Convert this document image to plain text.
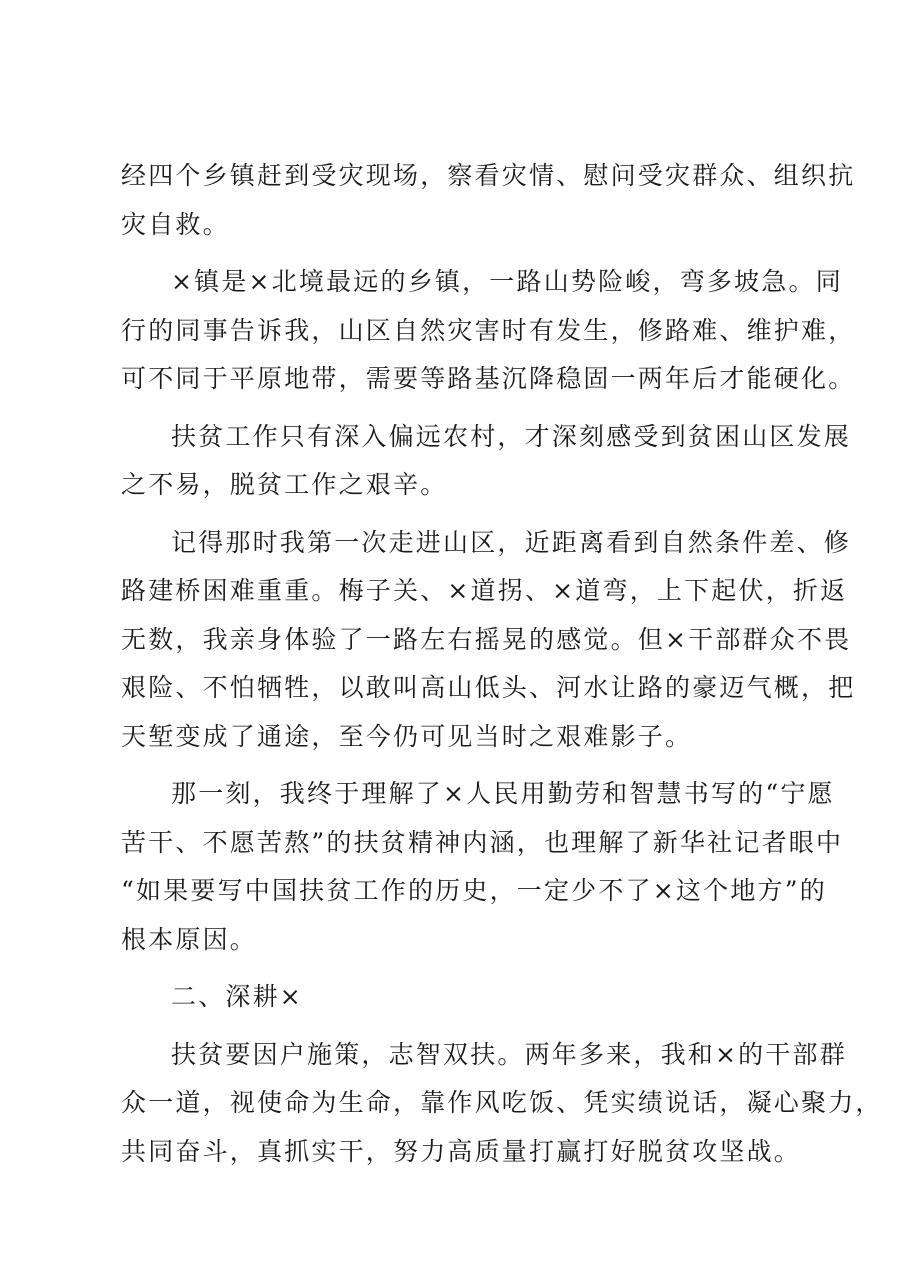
经四个乡镇赶到受灾现场，察看灾情、慰问受灾群众、组织抗
灾自救。

×镇是×北境最远的乡镇，一路山势险峻，弯多坡急。同
行的同事告诉我，山区自然灾害时有发生，修路难、维护难，
可不同于平原地带，需要等路基沉降稳固一两年后才能硬化。

扶贫工作只有深入偏远农村，才深刻感受到贫困山区发展
之不易，脱贫工作之艰辛。

记得那时我第一次走进山区，近距离看到自然条件差、修
路建桥困难重重。梅子关、×道拐、×道弯，上下起伏，折返
无数，我亲身体验了一路左右摇晃的感觉。但×干部群众不畏
艰险、不怕牺牲，以敢叫高山低头、河水让路的豪迈气概，把
天堑变成了通途，至今仍可见当时之艰难影子。

那一刻，我终于理解了×人民用勤劳和智慧书写的“宁愿
苦干、不愿苦熬”的扶贫精神内涵，也理解了新华社记者眼中
“如果要写中国扶贫工作的历史，一定少不了×这个地方”的
根本原因。

二、深耕×

扶贫要因户施策，志智双扶。两年多来，我和×的干部群
众一道，视使命为生命，靠作风吃饭、凭实绩说话，凝心聚力，
共同奋斗，真抓实干，努力高质量打赢打好脱贫攻坚战。
